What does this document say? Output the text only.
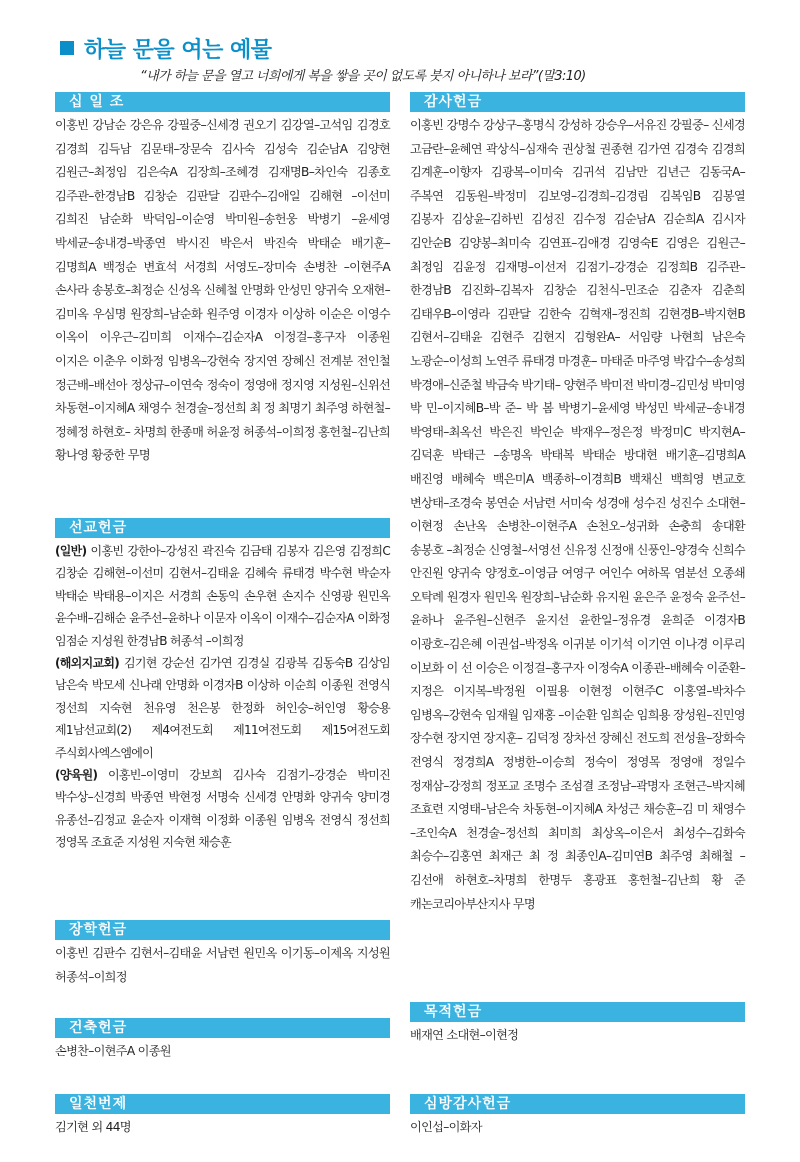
하늘 문을 여는 예물
“내가 하늘 문을 열고 너희에게 복을 쌓을 곳이 없도록 붓지 아니하나 보라”(말3:10)
십 일 조
이홍빈 강남순 강은유 강필중–신세경 권오기 김강열–고석임 김경호 김경희 김득남 김문태–장문숙 김사숙 김성숙 김순남A 김양현 김원근–최정임 김은숙A 김장희–조혜경 김재명B–차인숙 김종호 김주관–한경남B 김창순 김판달 김판수–김애일 김해현 –이선미 김희진 남순화 박덕임–이순영 박미원–송헌웅 박병기 –윤세영 박세균–송내경–박종연 박시진 박은서 박진숙 박태순 배기훈–김명희A 백정순 변효석 서경희 서영도–장미숙 손병찬 –이현주A 손사라 송봉호–최정순 신성옥 신혜철 안명화 안성민 양귀숙 오재현–김미옥 우심명 원장희–남순화 원주영 이경자 이상하 이순은 이영수 이옥이 이우근–김미희 이재수–김순자A 이정걸–홍구자 이종원 이지은 이춘우 이화정 임병옥–강현숙 장지연 장혜신 전계분 전인철 정근배–배선아 정상규–이연숙 정숙이 정영애 정지영 지성원–신위선 차동현–이지혜A 채영수 천경술–정선희 최 정 최명기 최주영 하현철–정혜정 하현호– 차명희 한종매 허윤정 허종석–이희정 홍헌철–김난희 황나영 황중한 무명
선교헌금

(일반) 이홍빈 강한아–강성진 곽진숙 김금태 김봉자 김은영 김정희C 김창순 김해현–이선미 김현서–김태윤 김혜숙 류태경 박수현 박순자 박태순 박태용–이지은 서경희 손동익 손우현 손지수 신영광 원민옥 윤수배–김해순 윤주선–윤하나 이문자 이옥이 이재수–김순자A 이화정 임점순 지성원 한경남B 허종석 –이희정

(해외지교회) 김기현 강순선 김가연 김경실 김광복 김동숙B 김상임 남은숙 박모세 신나래 안명화 이경자B 이상하 이순희 이종원 전영식 정선희 지숙현 천유영 천은봉 한정화 허인숭–허인영 황승용 제1남선교회(2) 제4여전도회 제11여전도회 제15여전도회 주식회사엑스엠에이

(양육원) 이홍빈–이영미 강보희 김사숙 김점기–강경순 박미진 박수상–신경희 박종연 박현정 서명숙 신세경 안명화 양귀숙 양미경 유종선–김정교 윤순자 이재혁 이정화 이종원 임병옥 전영식 정선희 정영목 조효준 지성원 지숙현 채승훈

장학헌금
이홍빈 김판수 김현서–김태윤 서남련 원민옥 이기동–이제옥 지성원 허종석–이희정
건축헌금
손병찬–이현주A 이종원
일천번제
김기현 외 44명
감사헌금
이홍빈 강명수 강상구–홍명식 강성하 강승우–서유진 강필중– 신세경 고금란–윤혜연 곽상식–심재숙 권상철 권종현 김가연 김경숙 김경희 김계훈–이향자 김광복–이미숙 김귀석 김남만 김년근 김동국A–주복연 김동원–박정미 김보영–김경희–김경림 김복임B 김봉열 김봉자 김상윤–김하빈 김성진 김수정 김순남A 김순희A 김시자 김안순B 김양봉–최미숙 김연표–김애경 김영숙E 김영은 김원근–최정임 김윤정 김재명–이선저 김점기–강경순 김정희B 김주관–한경남B 김진화–김복자 김창순 김천식–민조순 김춘자 김춘희 김태우B–이영라 김판달 김한숙 김혁재–정진희 김현경B–박지현B 김현서–김태윤 김현주 김현지 김형완A– 서임량 나현희 남은숙 노광순–이성희 노연주 류태경 마경훈– 마태준 마주영 박갑수–송성희 박경애–신준철 박금숙 박기태– 양현주 박미전 박미경–김민성 박미영 박 민–이지혜B–박 준– 박 봄 박병기–윤세영 박성민 박세균–송내경 박영태–최옥선 박은진 박인순 박재우–정은정 박정미C 박지현A–김덕훈 박태근 –송명옥 박태복 박태순 방대현 배기훈–김명희A 배진영 배혜숙 백은미A 백종하–이경희B 백채신 백희영 변교호 변상태–조경숙 봉연순 서남련 서미숙 성경애 성수진 성진수 소대현–이현정 손난옥 손병찬–이현주A 손천오–성귀화 손충희 송대환 송봉호 –최정순 신영철–서영선 신유정 신정애 신풍인–양경숙 신희수 안진원 양귀숙 양정호–이영금 여영구 여인수 여하목 염분선 오종쇄 오탁례 원경자 원민옥 원장희–남순화 유지원 윤은주 윤정숙 윤주선–윤하나 윤주원–신현주 윤지선 윤한일–정유경 윤희준 이경자B 이광호–김은혜 이권섭–박정옥 이귀분 이기석 이기연 이나경 이루리 이보화 이 선 이승은 이정걸–홍구자 이정숙A 이종관–배혜숙 이준환–지정은 이지복–박정원 이필용 이현정 이현주C 이홍열–박차수 임병옥–강현숙 임재월 임재홍 –이순환 임희순 임희용 장성원–진민영 장수현 장지연 장지훈– 김덕정 장차선 장혜신 전도희 전성율–장화숙 전영식 정경희A 정병한–이승희 정숙이 정영목 정영애 정일수 정재삼–강정희 정포교 조명수 조섬결 조정남–곽명자 조현근–박지혜 조효련 지영태–남은숙 차동현–이지혜A 차성근 채승훈–김 미 채영수 –조인숙A 천경술–정선희 최미희 최상옥–이은서 최성수–김화숙 최승수–김홍연 최재근 최 정 최종인A–김미연B 최주영 최해철 –김선애 하현호–차명희 한명두 홍광표 홍헌철–김난희 황 준 캐논코리아부산지사 무명
목적헌금
배재연 소대현–이현정
심방감사헌금
이인섭–이화자
